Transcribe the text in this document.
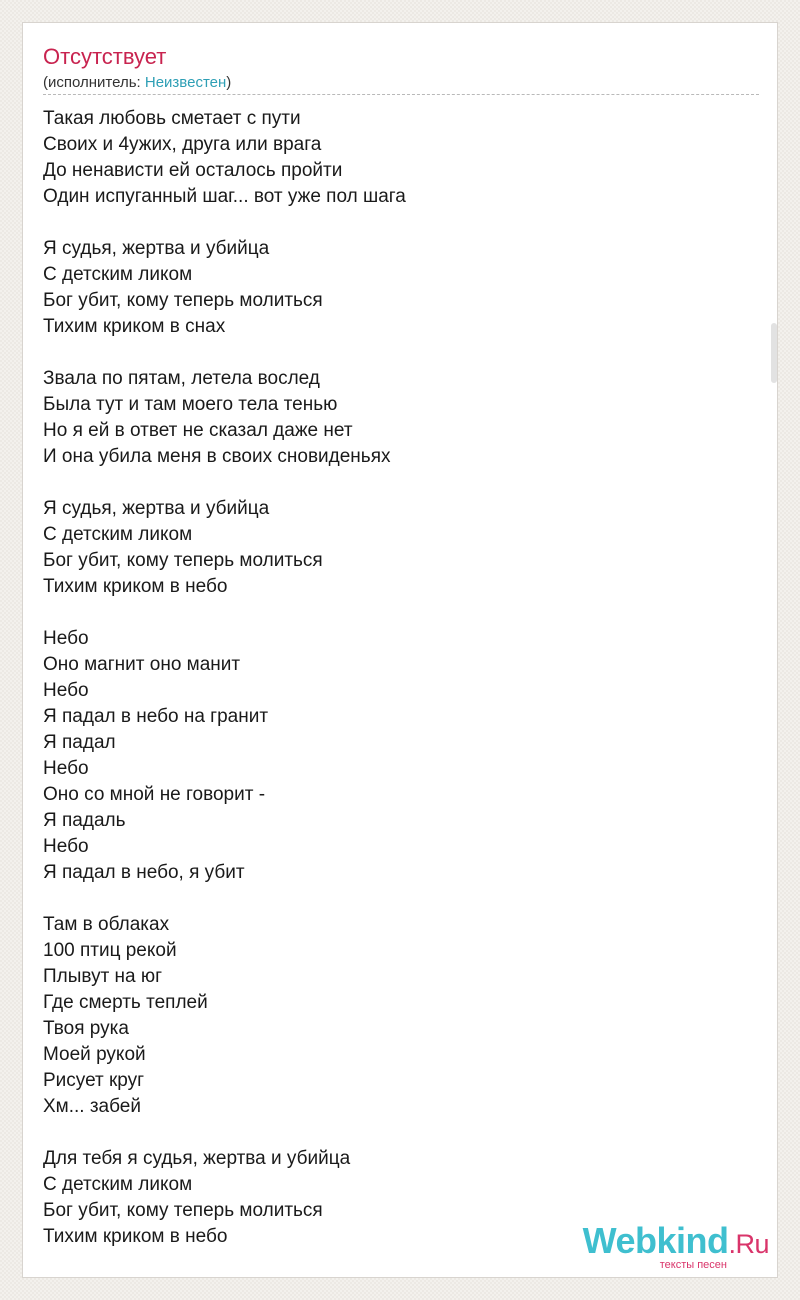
Отсутствует
(исполнитель: Неизвестен)
Такая любовь сметает с пути
Своих и 4ужих, друга или врага
До ненависти ей осталось пройти
Один испуганный шаг... вот уже пол шага
Я судья, жертва и убийца
С детским ликом
Бог убит, кому теперь молиться
Тихим криком в снах
Звала по пятам, летела вослед
Была тут и там моего тела тенью
Но я ей в ответ не сказал даже нет
И она убила меня в своих сновиденьях
Я судья, жертва и убийца
С детским ликом
Бог убит, кому теперь молиться
Тихим криком в небо
Небо
Оно магнит оно манит
Небо
Я падал в небо на гранит
Я падал
Небо
Оно со мной не говорит -
Я падаль
Небо
Я падал в небо, я убит
Там в облаках
100 птиц рекой
Плывут на юг
Где смерть теплей
Твоя рука
Моей рукой
Рисует круг
Хм... забей
Для тебя я судья, жертва и убийца
С детским ликом
Бог убит, кому теперь молиться
Тихим криком в небо	Webkind.Ru
тексты песен
